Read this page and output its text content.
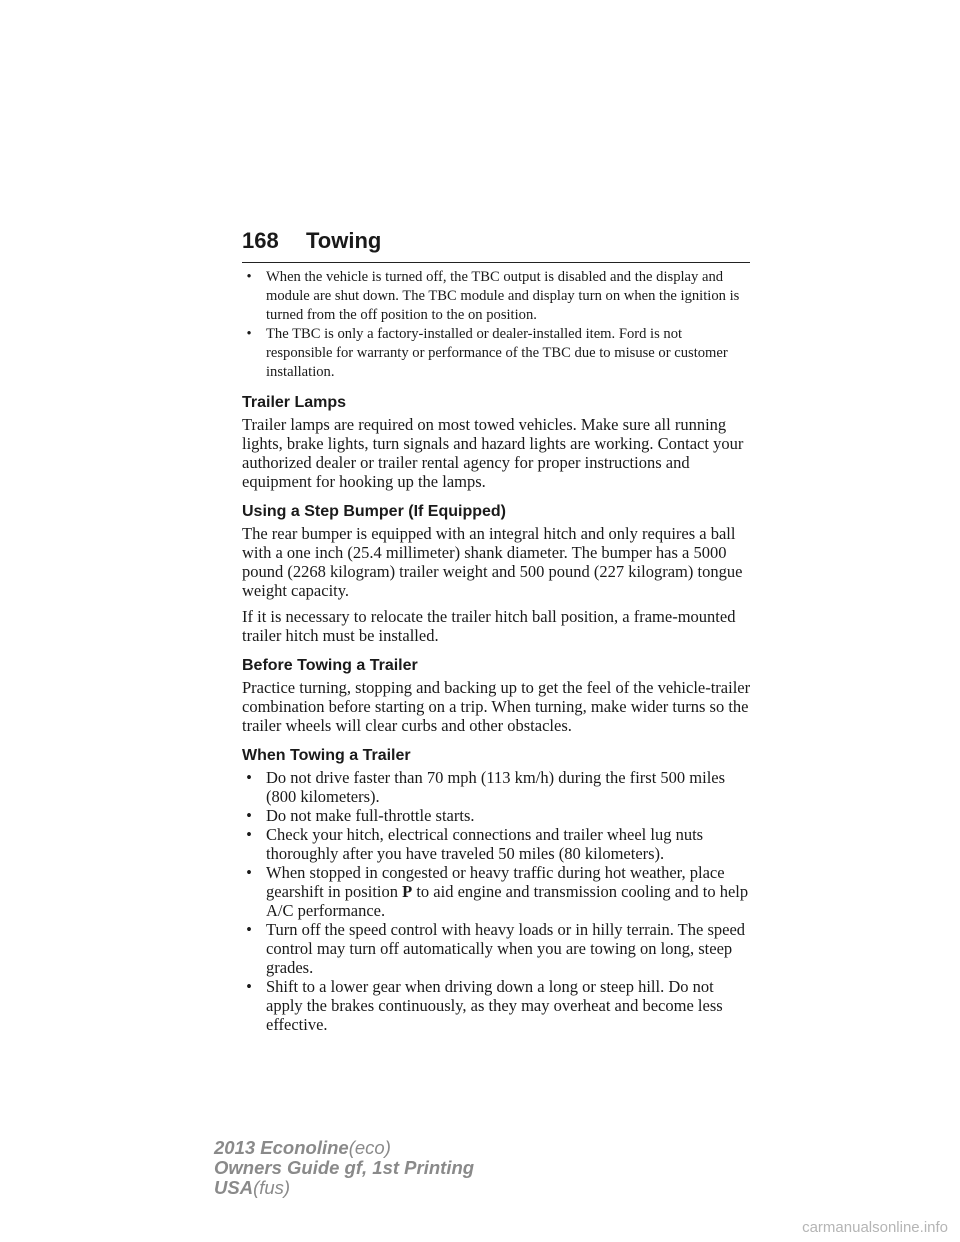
168 Towing
• When the vehicle is turned off, the TBC output is disabled and the display and module are shut down. The TBC module and display turn on when the ignition is turned from the off position to the on position.
• The TBC is only a factory-installed or dealer-installed item. Ford is not responsible for warranty or performance of the TBC due to misuse or customer installation.
Trailer Lamps

Trailer lamps are required on most towed vehicles. Make sure all running lights, brake lights, turn signals and hazard lights are working. Contact your authorized dealer or trailer rental agency for proper instructions and equipment for hooking up the lamps.

Using a Step Bumper (If Equipped)

The rear bumper is equipped with an integral hitch and only requires a ball with a one inch (25.4 millimeter) shank diameter. The bumper has a 5000 pound (2268 kilogram) trailer weight and 500 pound (227 kilogram) tongue weight capacity.

If it is necessary to relocate the trailer hitch ball position, a frame-mounted trailer hitch must be installed.

Before Towing a Trailer

Practice turning, stopping and backing up to get the feel of the vehicle-trailer combination before starting on a trip. When turning, make wider turns so the trailer wheels will clear curbs and other obstacles.

When Towing a Trailer
• Do not drive faster than 70 mph (113 km/h) during the first 500 miles (800 kilometers).
• Do not make full-throttle starts.
• Check your hitch, electrical connections and trailer wheel lug nuts thoroughly after you have traveled 50 miles (80 kilometers).
• When stopped in congested or heavy traffic during hot weather, place gearshift in position P to aid engine and transmission cooling and to help A/C performance.
• Turn off the speed control with heavy loads or in hilly terrain. The speed control may turn off automatically when you are towing on long, steep grades.
• Shift to a lower gear when driving down a long or steep hill. Do not apply the brakes continuously, as they may overheat and become less effective.
2013 Econoline(eco)
Owners Guide gf, 1st Printing
USA(fus)
carmanualsonline.info
